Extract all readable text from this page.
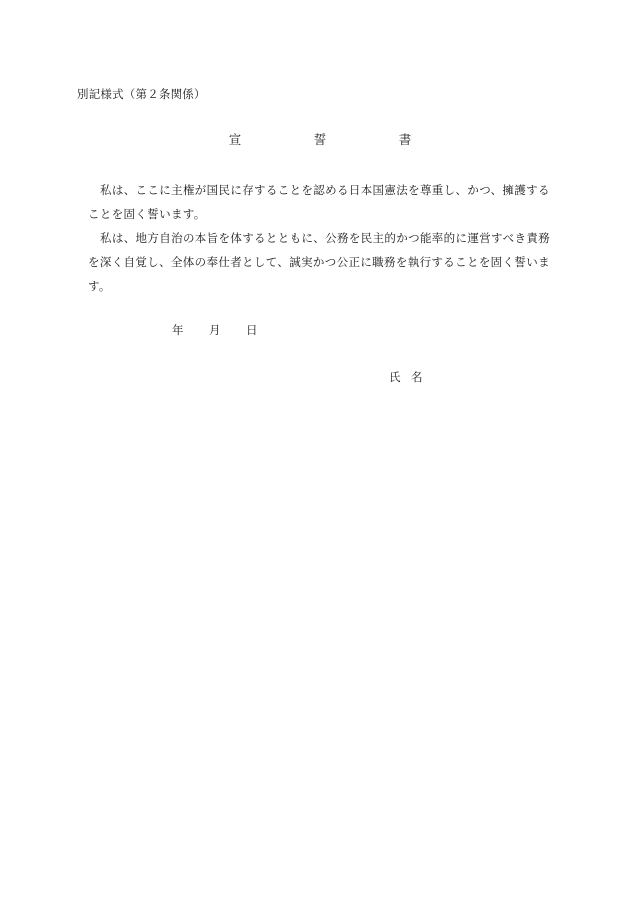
別記様式（第２条関係）
宣	誓	書

私は、ここに主権が国民に存することを認める日本国憲法を尊重し、かつ、擁護することを固く誓います。

私は、地方自治の本旨を体するとともに、公務を民主的かつ能率的に運営すべき責務を深く自覚し、全体の奉仕者として、誠実かつ公正に職務を執行することを固く誓います。

年	月	日
氏 名
